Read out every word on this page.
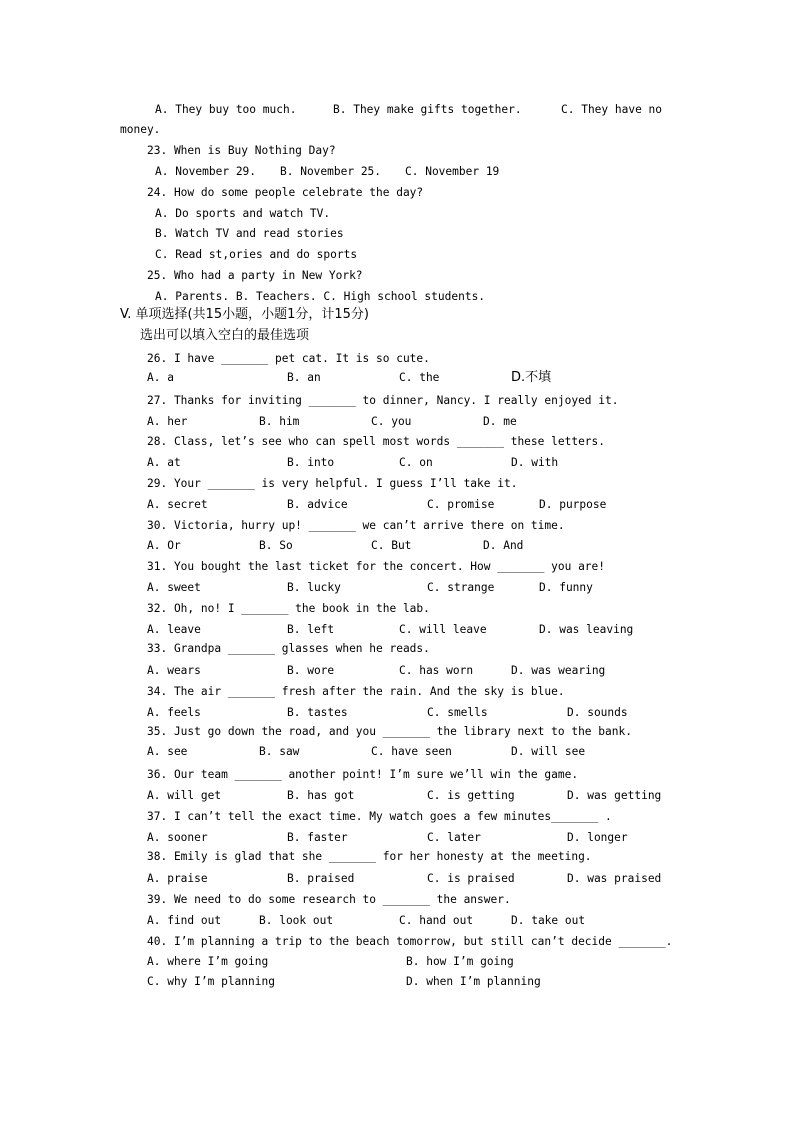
A. They buy too much.	B. They make gifts together.	C. They have no
money.
23. When is Buy Nothing Day?
A. November 29. B. November 25. C. November 19
24. How do some people celebrate the day?
A. Do sports and watch TV.
B. Watch TV and read stories
C. Read st,ories and do sports
25. Who had a party in New York?
A. Parents. B. Teachers. C. High school students.
V. 单项选择(共15小题，小题1分，计15分)
选出可以填入空白的最佳选项
26. I have _______ pet cat. It is so cute.
A. a	B. an	C. the	D.不填
27. Thanks for inviting _______ to dinner, Nancy. I really enjoyed it.
A. her	B. him	C. you	D. me
28. Class, let’s see who can spell most words _______ these letters.
A. at	B. into	C. on	D. with
29. Your _______ is very helpful. I guess I’ll take it.
A. secret	B. advice	C. promise	D. purpose
30. Victoria, hurry up! _______ we can’t arrive there on time.
A. Or	B. So	C. But	D. And
31. You bought the last ticket for the concert. How _______ you are!
A. sweet	B. lucky	C. strange	D. funny
32. Oh, no! I _______ the book in the lab.
A. leave	B. left	C. will leave	D. was leaving
33. Grandpa _______ glasses when he reads.
A. wears	B. wore	C. has worn	D. was wearing
34. The air _______ fresh after the rain. And the sky is blue.
A. feels	B. tastes	C. smells	D. sounds
35. Just go down the road, and you _______ the library next to the bank.
A. see	B. saw	C. have seen	D. will see
36. Our team _______ another point! I’m sure we’ll win the game.
A. will get	B. has got	C. is getting	D. was getting
37. I can’t tell the exact time. My watch goes a few minutes_______ .
A. sooner	B. faster	C. later	D. longer
38. Emily is glad that she _______ for her honesty at the meeting.
A. praise	B. praised	C. is praised	D. was praised
39. We need to do some research to _______ the answer.
A. find out	B. look out	C. hand out	D. take out
40. I’m planning a trip to the beach tomorrow, but still can’t decide _______.
A. where I’m going	B. how I’m going
C. why I’m planning	D. when I’m planning
